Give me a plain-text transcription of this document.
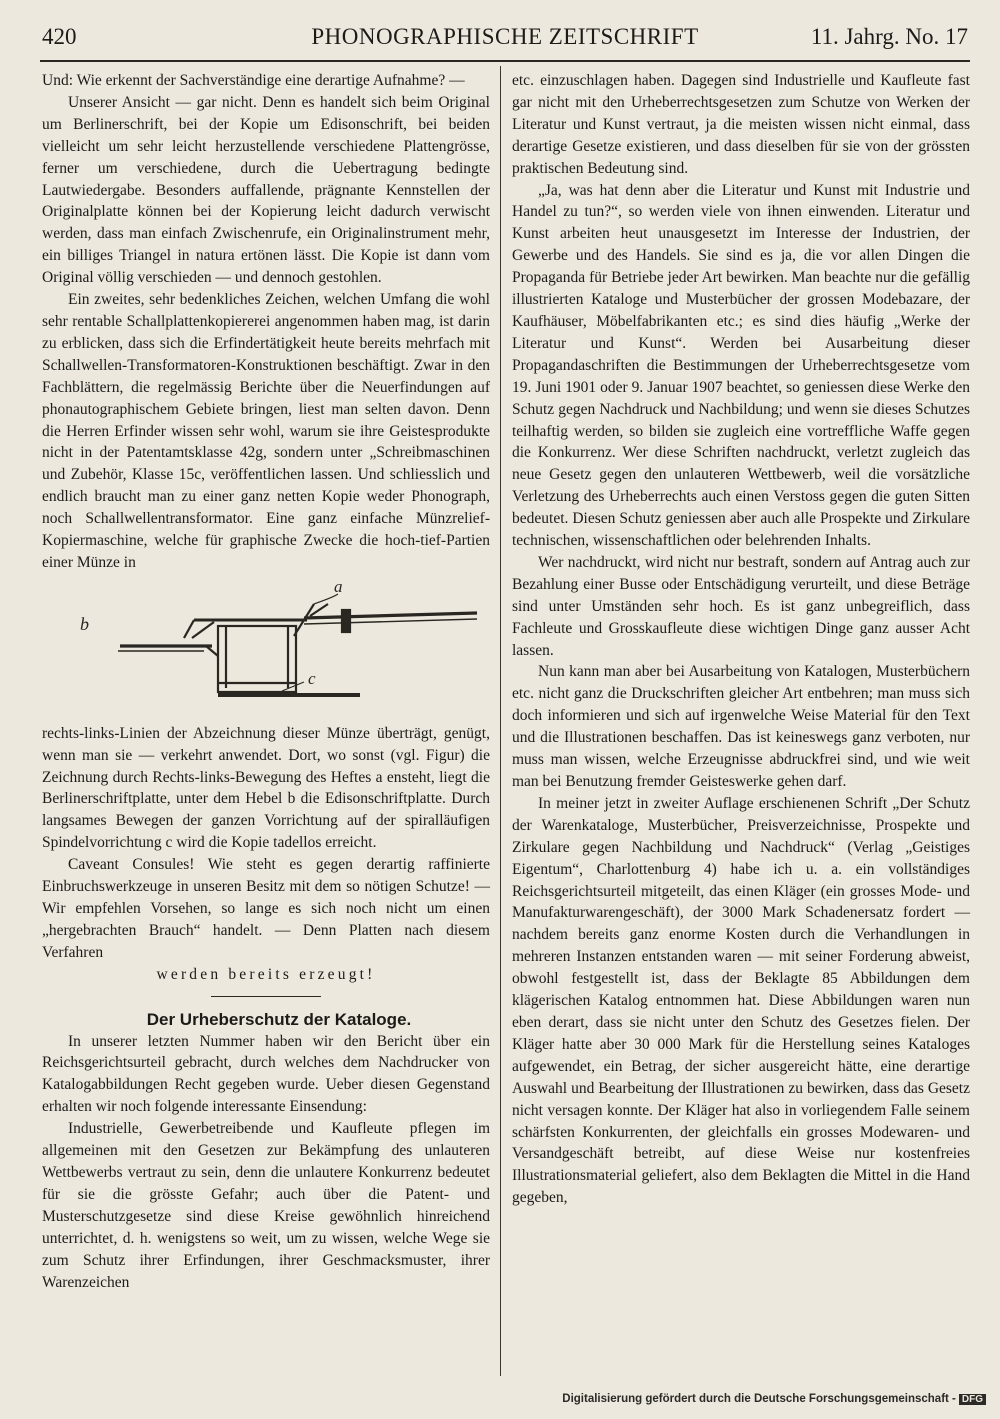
420	PHONOGRAPHISCHE ZEITSCHRIFT	11. Jahrg. No. 17

Und: Wie erkennt der Sachverständige eine derartige Aufnahme? —

Unserer Ansicht — gar nicht. Denn es handelt sich beim Original um Berlinerschrift, bei der Kopie um Edisonschrift, bei beiden vielleicht um sehr leicht herzustellende verschiedene Plattengrösse, ferner um verschiedene, durch die Uebertragung bedingte Lautwiedergabe. Besonders auffallende, prägnante Kennstellen der Originalplatte können bei der Kopierung leicht dadurch verwischt werden, dass man einfach Zwischenrufe, ein Originalinstrument mehr, ein billiges Triangel in natura ertönen lässt. Die Kopie ist dann vom Original völlig verschieden — und dennoch gestohlen.

Ein zweites, sehr bedenkliches Zeichen, welchen Umfang die wohl sehr rentable Schallplattenkopiererei angenommen haben mag, ist darin zu erblicken, dass sich die Erfindertätigkeit heute bereits mehrfach mit Schallwellen-Transformatoren-Konstruktionen beschäftigt. Zwar in den Fachblättern, die regelmässig Berichte über die Neuerfindungen auf phonautographischem Gebiete bringen, liest man selten davon. Denn die Herren Erfinder wissen sehr wohl, warum sie ihre Geistesprodukte nicht in der Patentamtsklasse 42g, sondern unter „Schreibmaschinen und Zubehör, Klasse 15c, veröffentlichen lassen. Und schliesslich und endlich braucht man zu einer ganz netten Kopie weder Phonograph, noch Schallwellentransformator. Eine ganz einfache Münzrelief-Kopiermaschine, welche für graphische Zwecke die hoch-tief-Partien einer Münze in

a
b
c

rechts-links-Linien der Abzeichnung dieser Münze überträgt, genügt, wenn man sie — verkehrt anwendet. Dort, wo sonst (vgl. Figur) die Zeichnung durch Rechts-links-Bewegung des Heftes a ensteht, liegt die Berlinerschriftplatte, unter dem Hebel b die Edisonschriftplatte. Durch langsames Bewegen der ganzen Vorrichtung auf der spiralläufigen Spindelvorrichtung c wird die Kopie tadellos erreicht.

Caveant Consules! Wie steht es gegen derartig raffinierte Einbruchswerkzeuge in unseren Besitz mit dem so nötigen Schutze! — Wir empfehlen Vorsehen, so lange es sich noch nicht um einen „hergebrachten Brauch“ handelt. — Denn Platten nach diesem Verfahren

werden bereits erzeugt!

Der Urheberschutz der Kataloge.

In unserer letzten Nummer haben wir den Bericht über ein Reichsgerichtsurteil gebracht, durch welches dem Nachdrucker von Katalogabbildungen Recht gegeben wurde. Ueber diesen Gegenstand erhalten wir noch folgende interessante Einsendung:

Industrielle, Gewerbetreibende und Kaufleute pflegen im allgemeinen mit den Gesetzen zur Bekämpfung des unlauteren Wettbewerbs vertraut zu sein, denn die unlautere Konkurrenz bedeutet für sie die grösste Gefahr; auch über die Patent- und Musterschutzgesetze sind diese Kreise gewöhnlich hinreichend unterrichtet, d. h. wenigstens so weit, um zu wissen, welche Wege sie zum Schutz ihrer Erfindungen, ihrer Geschmacksmuster, ihrer Warenzeichen

etc. einzuschlagen haben. Dagegen sind Industrielle und Kaufleute fast gar nicht mit den Urheberrechtsgesetzen zum Schutze von Werken der Literatur und Kunst vertraut, ja die meisten wissen nicht einmal, dass derartige Gesetze existieren, und dass dieselben für sie von der grössten praktischen Bedeutung sind.

„Ja, was hat denn aber die Literatur und Kunst mit Industrie und Handel zu tun?“, so werden viele von ihnen einwenden. Literatur und Kunst arbeiten heut unausgesetzt im Interesse der Industrien, der Gewerbe und des Handels. Sie sind es ja, die vor allen Dingen die Propaganda für Betriebe jeder Art bewirken. Man beachte nur die gefällig illustrierten Kataloge und Musterbücher der grossen Modebazare, der Kaufhäuser, Möbelfabrikanten etc.; es sind dies häufig „Werke der Literatur und Kunst“. Werden bei Ausarbeitung dieser Propagandaschriften die Bestimmungen der Urheberrechtsgesetze vom 19. Juni 1901 oder 9. Januar 1907 beachtet, so geniessen diese Werke den Schutz gegen Nachdruck und Nachbildung; und wenn sie dieses Schutzes teilhaftig werden, so bilden sie zugleich eine vortreffliche Waffe gegen die Konkurrenz. Wer diese Schriften nachdruckt, verletzt zugleich das neue Gesetz gegen den unlauteren Wettbewerb, weil die vorsätzliche Verletzung des Urheberrechts auch einen Verstoss gegen die guten Sitten bedeutet. Diesen Schutz geniessen aber auch alle Prospekte und Zirkulare technischen, wissenschaftlichen oder belehrenden Inhalts.

Wer nachdruckt, wird nicht nur bestraft, sondern auf Antrag auch zur Bezahlung einer Busse oder Entschädigung verurteilt, und diese Beträge sind unter Umständen sehr hoch. Es ist ganz unbegreiflich, dass Fachleute und Grosskaufleute diese wichtigen Dinge ganz ausser Acht lassen.

Nun kann man aber bei Ausarbeitung von Katalogen, Musterbüchern etc. nicht ganz die Druckschriften gleicher Art entbehren; man muss sich doch informieren und sich auf irgenwelche Weise Material für den Text und die Illustrationen beschaffen. Das ist keineswegs ganz verboten, nur muss man wissen, welche Erzeugnisse abdruckfrei sind, und wie weit man bei Benutzung fremder Geisteswerke gehen darf.

In meiner jetzt in zweiter Auflage erschienenen Schrift „Der Schutz der Warenkataloge, Musterbücher, Preisverzeichnisse, Prospekte und Zirkulare gegen Nachbildung und Nachdruck“ (Verlag „Geistiges Eigentum“, Charlottenburg 4) habe ich u. a. ein vollständiges Reichsgerichtsurteil mitgeteilt, das einen Kläger (ein grosses Mode- und Manufakturwarengeschäft), der 3000 Mark Schadenersatz fordert — nachdem bereits ganz enorme Kosten durch die Verhandlungen in mehreren Instanzen entstanden waren — mit seiner Forderung abweist, obwohl festgestellt ist, dass der Beklagte 85 Abbildungen dem klägerischen Katalog entnommen hat. Diese Abbildungen waren nun eben derart, dass sie nicht unter den Schutz des Gesetzes fielen. Der Kläger hatte aber 30 000 Mark für die Herstellung seines Kataloges aufgewendet, ein Betrag, der sicher ausgereicht hätte, eine derartige Auswahl und Bearbeitung der Illustrationen zu bewirken, dass das Gesetz nicht versagen konnte. Der Kläger hat also in vorliegendem Falle seinem schärfsten Konkurrenten, der gleichfalls ein grosses Modewaren- und Versandgeschäft betreibt, auf diese Weise nur kostenfreies Illustrationsmaterial geliefert, also dem Beklagten die Mittel in die Hand gegeben,

Digitalisierung gefördert durch die Deutsche Forschungsgemeinschaft - DFG
